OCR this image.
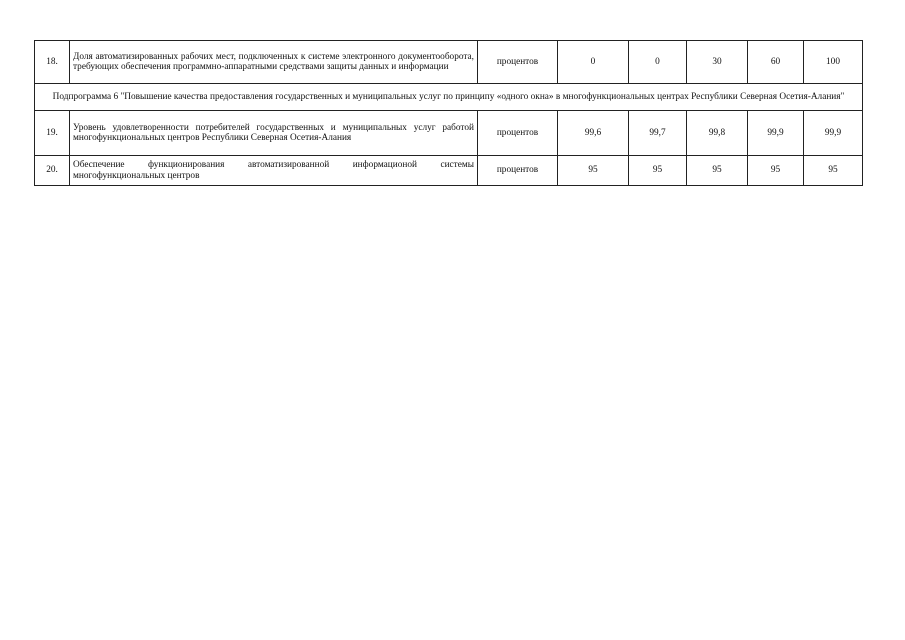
18.	Доля автоматизированных рабочих мест, подключенных к системе электронного документооборота, требующих обеспечения программно-аппаратными средствами защиты данных и информации	процентов	0	0	30	60	100
Подпрограмма 6 "Повышение качества предоставления государственных и муниципальных услуг по принципу «одного окна» в многофункциональных центрах Республики Северная Осетия-Алания"							
19.	Уровень удовлетворенности потребителей государственных и муниципальных услуг работой многофункциональных центров Республики Северная Осетия-Алания	процентов	99,6	99,7	99,8	99,9	99,9
20.	Обеспечение функционирования автоматизированной информационой системы многофункциональных центров	процентов	95	95	95	95	95
